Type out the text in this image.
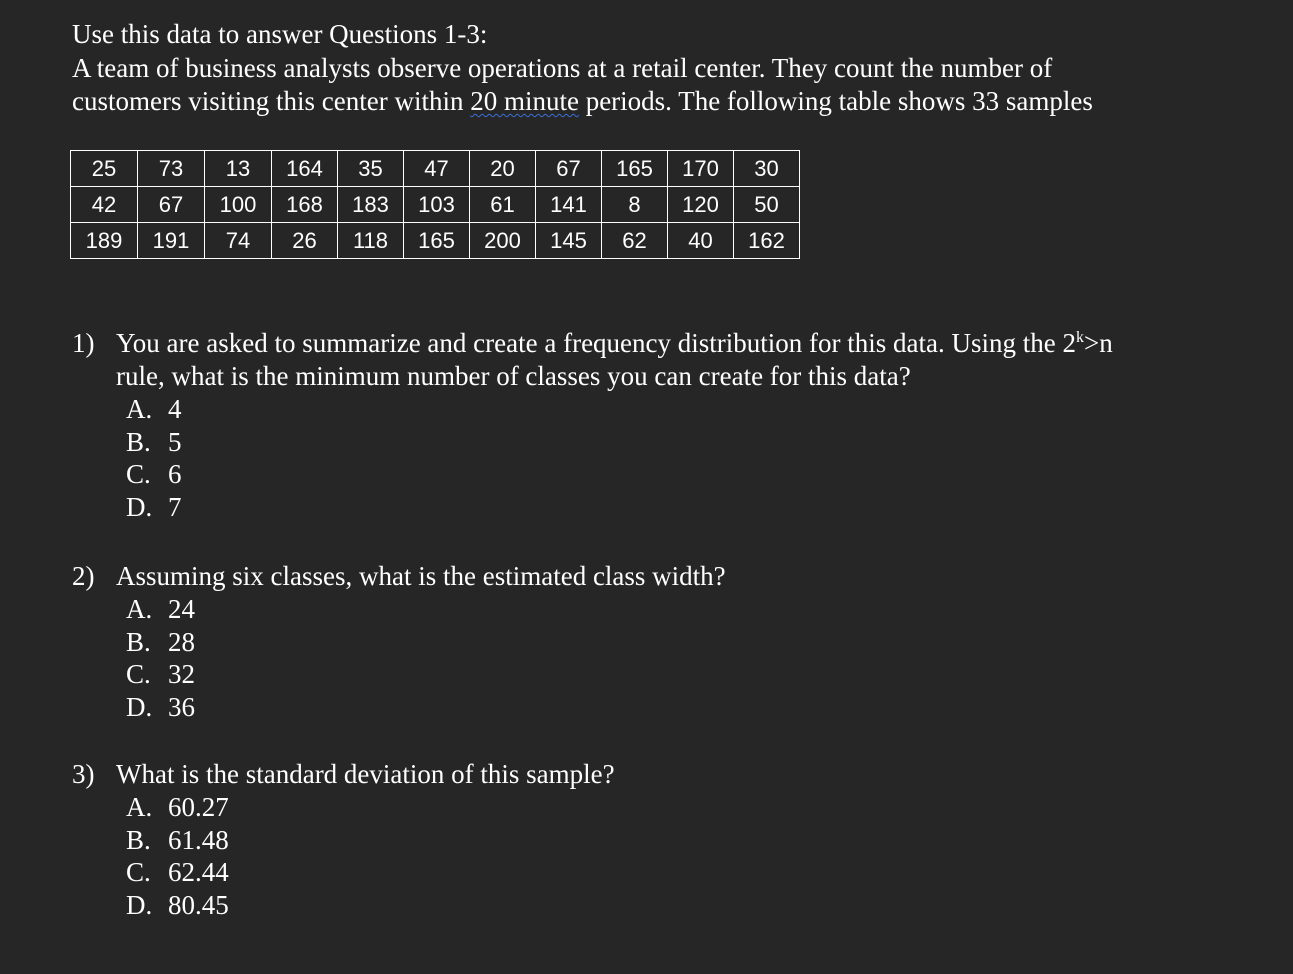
Use this data to answer Questions 1-3:
A team of business analysts observe operations at a retail center. They count the number of
customers visiting this center within 20 minute periods. The following table shows 33 samples
25	73	13	164	35	47	20	67	165	170	30
42	67	100	168	183	103	61	141	8	120	50
189	191	74	26	118	165	200	145	62	40	162
1) You are asked to summarize and create a frequency distribution for this data. Using the $2^k>n$
rule, what is the minimum number of classes you can create for this data?
A. 4
B. 5
C. 6
D. 7
2) Assuming six classes, what is the estimated class width?
A. 24
B. 28
C. 32
D. 36
3) What is the standard deviation of this sample?
A. 60.27
B. 61.48
C. 62.44
D. 80.45
